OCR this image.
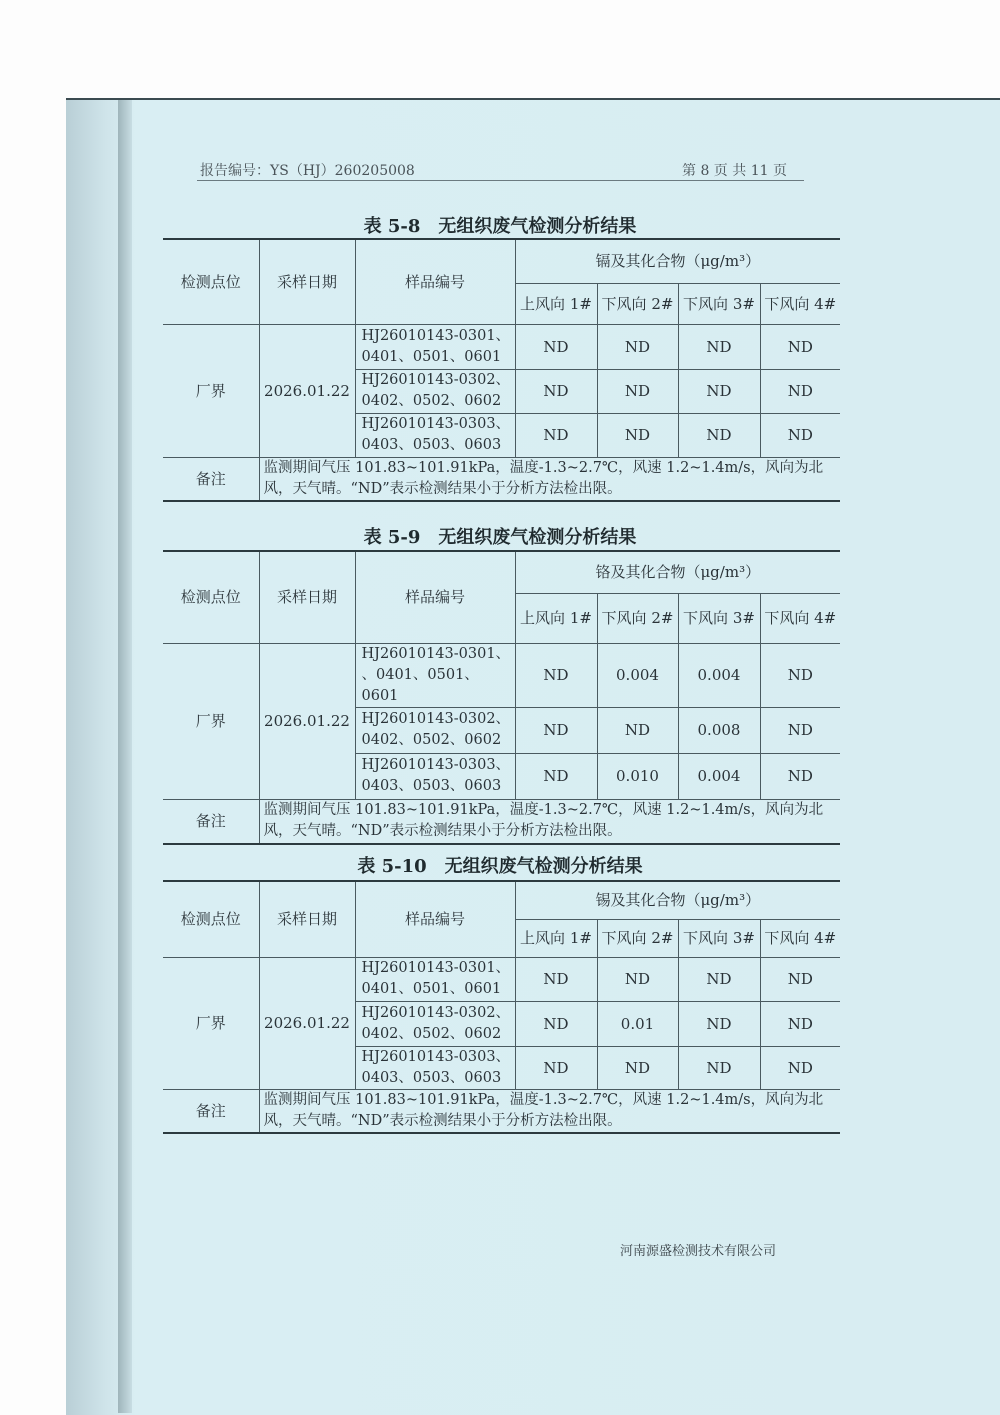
报告编号：YS（HJ）260205008	第 8 页 共 11 页
表 5-8　无组织废气检测分析结果
检测点位	采样日期	样品编号	镉及其化合物（μg/m³）			
			上风向 1#	下风向 2#	下风向 3#	下风向 4#
厂界	2026.01.22	HJ26010143-0301、
0401、0501、0601	ND	ND	ND	ND

		HJ26010143-0302、
0402、0502、0602	ND	ND	ND	ND

		HJ26010143-0303、
0403、0503、0603	ND	ND	ND	ND
备注	监测期间气压 101.83~101.91kPa，温度-1.3~2.7℃，风速 1.2~1.4m/s，风向为北风，天气晴。“ND”表示检测结果小于分析方法检出限。					
表 5-9　无组织废气检测分析结果
检测点位	采样日期	样品编号	铬及其化合物（μg/m³）			
			上风向 1#	下风向 2#	下风向 3#	下风向 4#
厂界	2026.01.22	HJ26010143-0301、
、0401、0501、0601	ND	0.004	0.004	ND

		HJ26010143-0302、
0402、0502、0602	ND	ND	0.008	ND

		HJ26010143-0303、
0403、0503、0603	ND	0.010	0.004	ND
备注	监测期间气压 101.83~101.91kPa，温度-1.3~2.7℃，风速 1.2~1.4m/s，风向为北风，天气晴。“ND”表示检测结果小于分析方法检出限。					
表 5-10　无组织废气检测分析结果
检测点位	采样日期	样品编号	锡及其化合物（μg/m³）			
			上风向 1#	下风向 2#	下风向 3#	下风向 4#
厂界	2026.01.22	HJ26010143-0301、
0401、0501、0601	ND	ND	ND	ND

		HJ26010143-0302、
0402、0502、0602	ND	0.01	ND	ND

		HJ26010143-0303、
0403、0503、0603	ND	ND	ND	ND
备注	监测期间气压 101.83~101.91kPa，温度-1.3~2.7℃，风速 1.2~1.4m/s，风向为北风，天气晴。“ND”表示检测结果小于分析方法检出限。					
河南源盛检测技术有限公司
